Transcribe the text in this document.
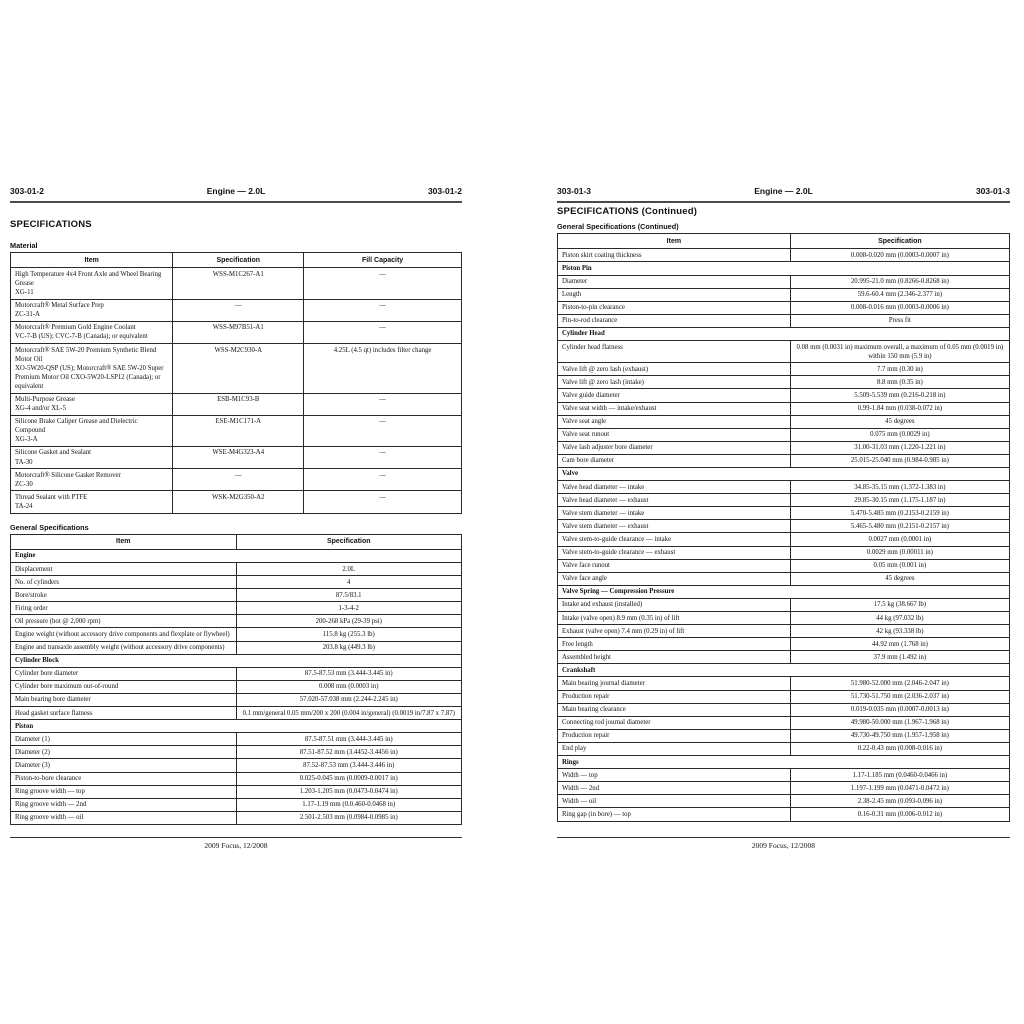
303-01-2	Engine — 2.0L	303-01-2
SPECIFICATIONS
Material
Item	Specification	Fill Capacity

High Temperature 4x4 Front Axle and Wheel Bearing Grease
XG-11	WSS-M1C267-A1	—

Motorcraft® Metal Surface Prep
ZC-31-A	—	—

Motorcraft® Premium Gold Engine Coolant
VC-7-B (US); CVC-7-B (Canada); or equivalent	WSS-M97B51-A1	—

Motorcraft® SAE 5W-20 Premium Synthetic Blend Motor Oil
XO-5W20-QSP (US); Motorcraft® SAE 5W-20 Super Premium Motor Oil CXO-5W20-LSP12 (Canada); or equivalent	WSS-M2C930-A	4.25L (4.5 qt) includes filter change

Multi-Purpose Grease
XG-4 and/or XL-5	ESB-M1C93-B	—

Silicone Brake Caliper Grease and Dielectric Compound
XG-3-A	ESE-M1C171-A	—

Silicone Gasket and Sealant
TA-30	WSE-M4G323-A4	—

Motorcraft® Silicone Gasket Remover
ZC-30	—	—

Thread Sealant with PTFE
TA-24	WSK-M2G350-A2	—
General Specifications
Item	Specification
Engine	

Displacement	2.0L

No. of cylinders	4

Bore/stroke	87.5/83.1

Firing order	1-3-4-2

Oil pressure (hot @ 2,000 rpm)	200-268 kPa (29-39 psi)

Engine weight (without accessory drive components and flexplate or flywheel)	115.8 kg (255.3 lb)

Engine and transaxle assembly weight (without accessory drive components)	203.8 kg (449.3 lb)
Cylinder Block	

Cylinder bore diameter	87.5-87.53 mm (3.444-3.445 in)

Cylinder bore maximum out-of-round	0.008 mm (0.0003 in)

Main bearing bore diameter	57.020-57.038 mm (2.244-2.245 in)

Head gasket surface flatness	0.1 mm/general 0.05 mm/200 x 200 (0.004 in/general) (0.0019 in/7.87 x 7.87)
Piston	

Diameter (1)	87.5-87.51 mm (3.444-3.445 in)

Diameter (2)	87.51-87.52 mm (3.4452-3.4456 in)

Diameter (3)	87.52-87.53 mm (3.444-3.446 in)

Piston-to-bore clearance	0.025-0.045 mm (0.0009-0.0017 in)

Ring groove width — top	1.203-1.205 mm (0.0473-0.0474 in)

Ring groove width — 2nd	1.17-1.19 mm (0.0.460-0.0468 in)

Ring groove width — oil	2.501-2.503 mm (0.0984-0.0985 in)
303-01-3	Engine — 2.0L	303-01-3
SPECIFICATIONS (Continued)
General Specifications (Continued)
Item	Specification

Piston skirt coating thickness	0.008-0.020 mm (0.0003-0.0007 in)
Piston Pin	

Diameter	20.995-21.0 mm (0.8266-0.8268 in)

Length	59.6-60.4 mm (2.346-2.377 in)

Piston-to-pin clearance	0.008-0.016 mm (0.0003-0.0006 in)

Pin-to-rod clearance	Press fit
Cylinder Head	

Cylinder head flatness	0.08 mm (0.0031 in) maximum overall, a maximum of 0.05 mm (0.0019 in) within 150 mm (5.9 in)

Valve lift @ zero lash (exhaust)	7.7 mm (0.30 in)

Valve lift @ zero lash (intake)	8.8 mm (0.35 in)

Valve guide diameter	5.509-5.539 mm (0.216-0.218 in)

Valve seat width — intake/exhaust	0.99-1.84 mm (0.038-0.072 in)

Valve seat angle	45 degrees

Valve seat runout	0.075 mm (0.0029 in)

Valve lash adjuster bore diameter	31.00-31.03 mm (1.220-1.221 in)

Cam bore diameter	25.015-25.040 mm (0.984-0.985 in)
Valve	

Valve head diameter — intake	34.85-35.15 mm (1.372-1.383 in)

Valve head diameter — exhaust	29.85-30.15 mm (1.175-1.187 in)

Valve stem diameter — intake	5.470-5.485 mm (0.2153-0.2159 in)

Valve stem diameter — exhaust	5.465-5.480 mm (0.2151-0.2157 in)

Valve stem-to-guide clearance — intake	0.0027 mm (0.0001 in)

Valve stem-to-guide clearance — exhaust	0.0029 mm (0.00011 in)

Valve face runout	0.05 mm (0.001 in)

Valve face angle	45 degrees
Valve Spring — Compression Pressure	

Intake and exhaust (installed)	17.5 kg (38.667 lb)

Intake (valve open) 8.9 mm (0.35 in) of lift	44 kg (97.032 lb)

Exhaust (valve open) 7.4 mm (0.29 in) of lift	42 kg (93.338 lb)

Free length	44.92 mm (1.768 in)

Assembled height	37.9 mm (1.492 in)
Crankshaft	

Main bearing journal diameter	51.980-52.000 mm (2.046-2.047 in)

Production repair	51.730-51.750 mm (2.036-2.037 in)

Main bearing clearance	0.019-0.035 mm (0.0007-0.0013 in)

Connecting rod journal diameter	49.980-50.000 mm (1.967-1.968 in)

Production repair	49.730-49.750 mm (1.957-1.958 in)

End play	0.22-0.43 mm (0.008-0.016 in)
Rings	

Width — top	1.17-1.185 mm (0.0460-0.0466 in)

Width — 2nd	1.197-1.199 mm (0.0471-0.0472 in)

Width — oil	2.38-2.45 mm (0.093-0.096 in)

Ring gap (in bore) — top	0.16-0.31 mm (0.006-0.012 in)
2009 Focus, 12/2008	2009 Focus, 12/2008
